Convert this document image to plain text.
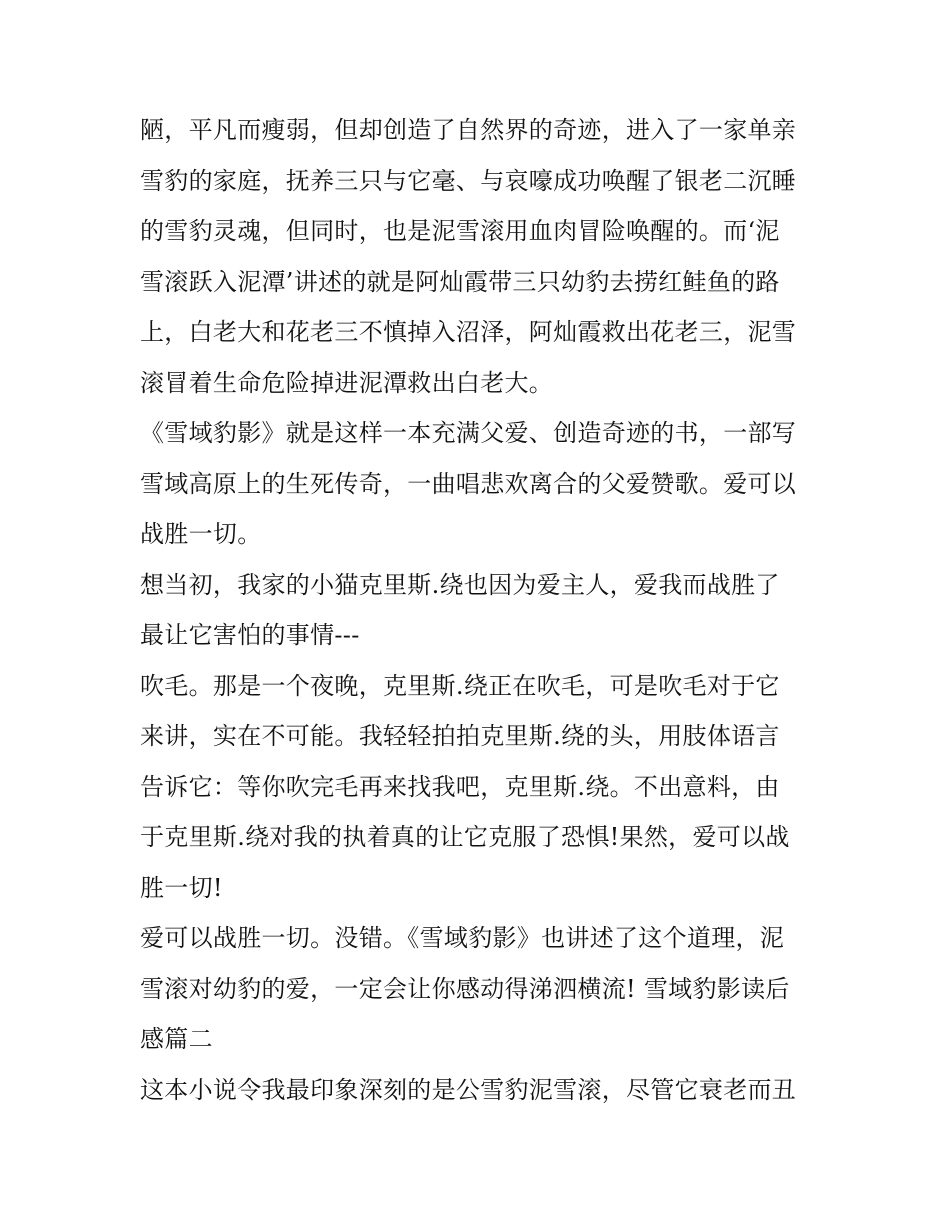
陋，平凡而瘦弱，但却创造了自然界的奇迹，进入了一家单亲
雪豹的家庭，抚养三只与它毫、与哀嚎成功唤醒了银老二沉睡
的雪豹灵魂，但同时，也是泥雪滚用血肉冒险唤醒的。而‘泥
雪滚跃入泥潭’讲述的就是阿灿霞带三只幼豹去捞红鲑鱼的路
上，白老大和花老三不慎掉入沼泽，阿灿霞救出花老三，泥雪
滚冒着生命危险掉进泥潭救出白老大。
《雪域豹影》就是这样一本充满父爱、创造奇迹的书，一部写
雪域高原上的生死传奇，一曲唱悲欢离合的父爱赞歌。爱可以
战胜一切。
想当初，我家的小猫克里斯.绕也因为爱主人，爱我而战胜了
最让它害怕的事情---
吹毛。那是一个夜晚，克里斯.绕正在吹毛，可是吹毛对于它
来讲，实在不可能。我轻轻拍拍克里斯.绕的头，用肢体语言
告诉它：等你吹完毛再来找我吧，克里斯.绕。不出意料，由
于克里斯.绕对我的执着真的让它克服了恐惧!果然，爱可以战
胜一切!
爱可以战胜一切。没错。《雪域豹影》也讲述了这个道理，泥
雪滚对幼豹的爱，一定会让你感动得涕泗横流! 雪域豹影读后
感篇二
这本小说令我最印象深刻的是公雪豹泥雪滚，尽管它衰老而丑
